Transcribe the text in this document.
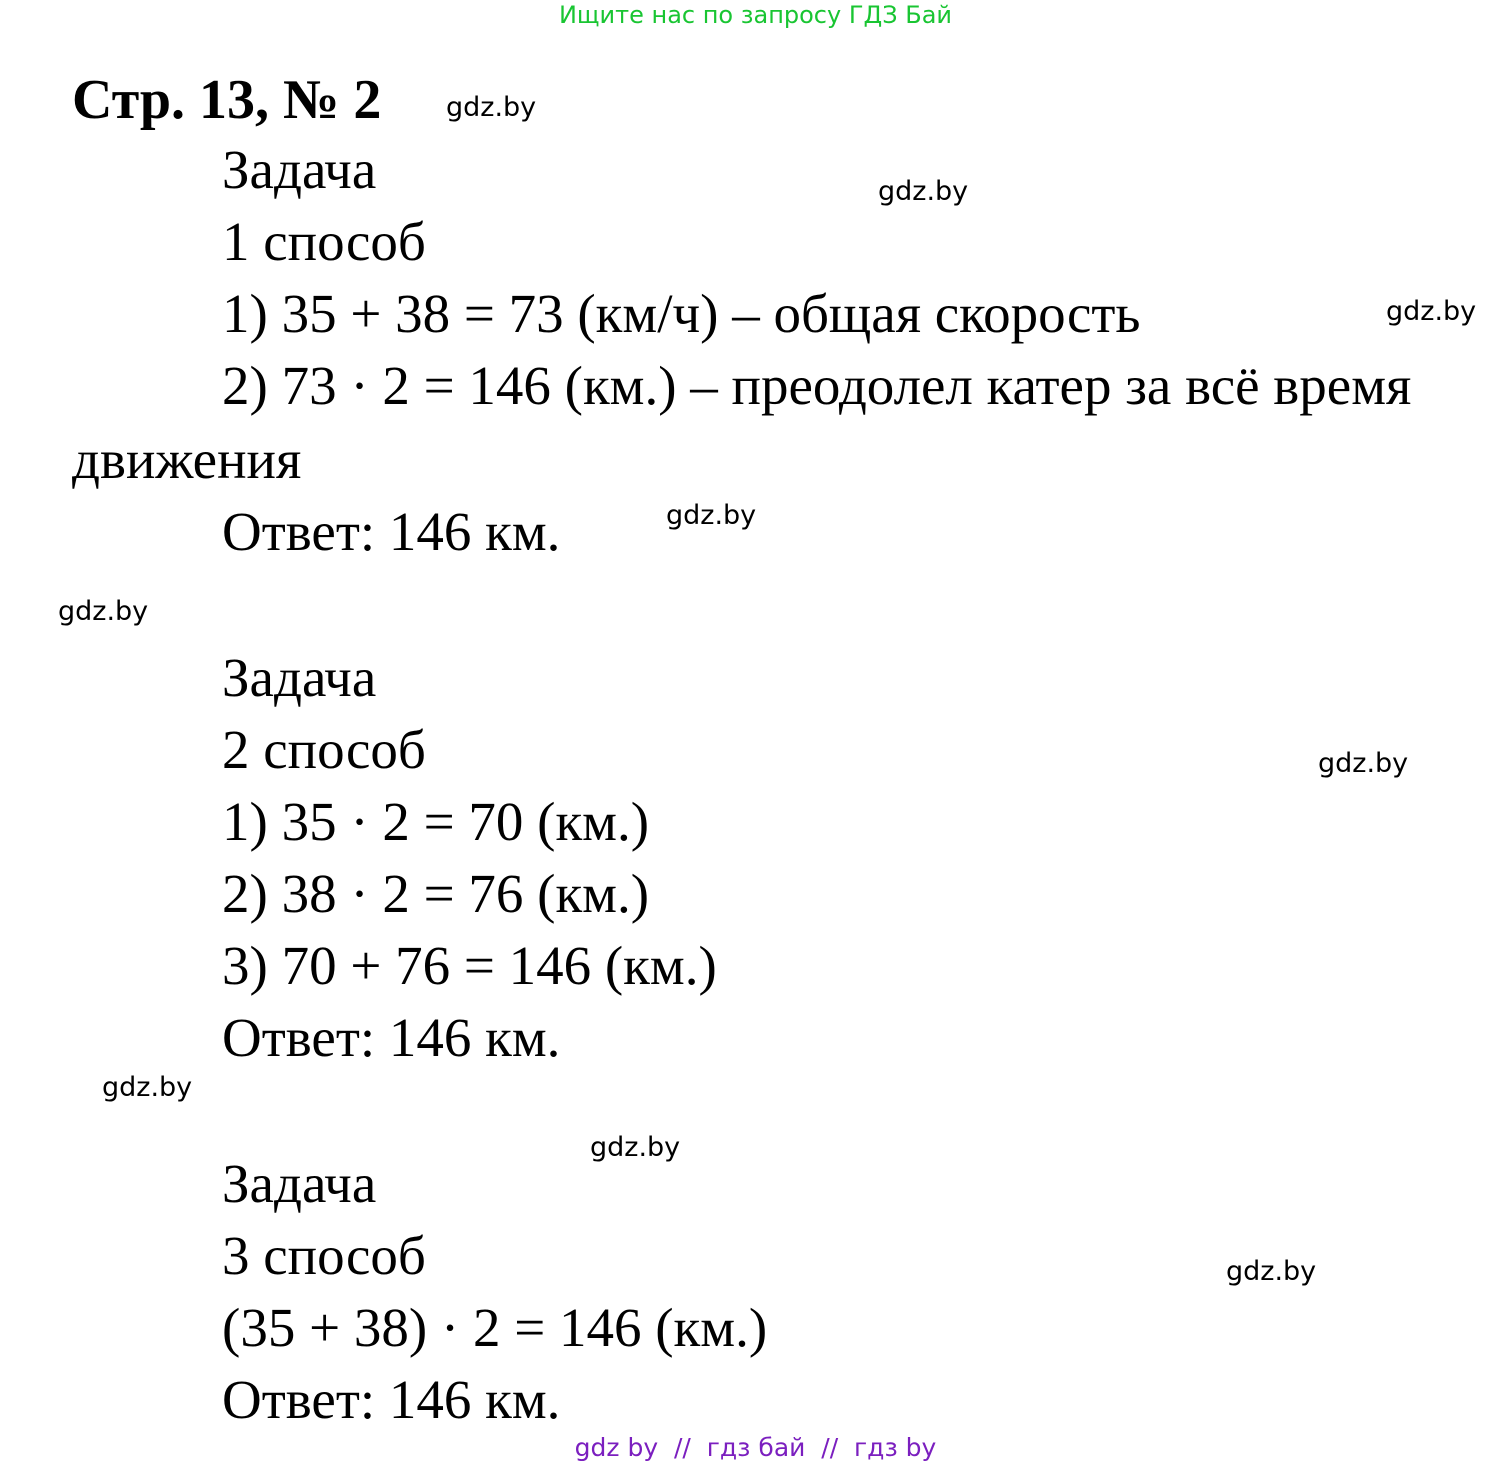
Ищите нас по запросу ГДЗ Бай
Стр. 13, № 2
Задача
1 способ
1) 35 + 38 = 73 (км/ч) – общая скорость
2) 73 · 2 = 146 (км.) – преодолел катер за всё время
движения
Ответ: 146 км.
Задача
2 способ
1) 35 · 2 = 70 (км.)
2) 38 · 2 = 76 (км.)
3) 70 + 76 = 146 (км.)
Ответ: 146 км.
Задача
3 способ
(35 + 38) · 2 = 146 (км.)
Ответ: 146 км.
gdz.by
gdz.by
gdz.by
gdz.by
gdz.by
gdz.by
gdz.by
gdz.by
gdz.by
gdz by  //  гдз бай  //  гдз by
